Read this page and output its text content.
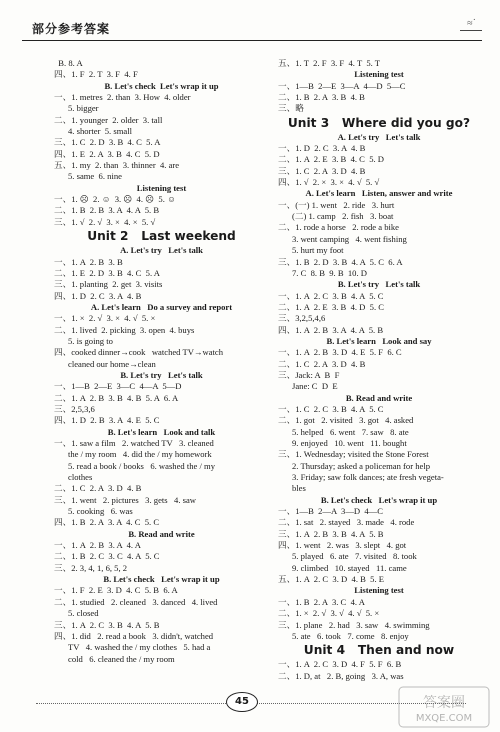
部分参考答案	≈˙
B. 8. A
四、1. F  2. T  3. F  4. F
B. Let's check  Let's wrap it up
一、1. metres  2. than  3. How  4. older
5. bigger
二、1. younger  2. older  3. tall
4. shorter  5. small
三、1. C  2. D  3. B  4. C  5. A
四、1. E  2. A  3. B  4. C  5. D
五、1. my  2. than  3. thinner  4. are
5. same  6. nine
Listening test
一、1. ☹  2. ☺  3. ☹  4. ☹  5. ☺
二、1. B  2. B  3. A  4. A  5. B
三、1. √  2. √  3. ×  4. ×  5. √
Unit 2   Last weekend
A. Let's try   Let's talk
一、1. A  2. B  3. B
二、1. E  2. D  3. B  4. C  5. A
三、1. planting  2. get  3. visits
四、1. D  2. C  3. A  4. B
A. Let's learn   Do a survey and report
一、1. ×  2. √  3. ×  4. √  5. ×
二、1. lived  2. picking  3. open  4. buys
5. is going to
四、cooked dinner→cook   watched TV→watch
cleaned our home→clean
B. Let's try   Let's talk
一、1—B  2—E  3—C  4—A  5—D
二、1. A  2. B  3. B  4. B  5. A  6. A
三、2,5,3,6
四、1. D  2. B  3. A  4. E  5. C
B. Let's learn   Look and talk
一、1. saw a film   2. watched TV   3. cleaned
the / my room   4. did the / my homework
5. read a book / books   6. washed the / my
clothes
二、1. C  2. A  3. D  4. B
三、1. went   2. pictures   3. gets   4. saw
5. cooking   6. was
四、1. B  2. A  3. A  4. C  5. C
B. Read and write
一、1. A  2. B  3. A  4. A
二、1. B  2. C  3. C  4. A  5. C
三、2. 3, 4, 1, 6, 5, 2
B. Let's check   Let's wrap it up
一、1. F  2. E  3. D  4. C  5. B  6. A
二、1. studied   2. cleaned   3. danced   4. lived
5. closed
三、1. A  2. C  3. B  4. A  5. B
四、1. did   2. read a book   3. didn't, watched
TV   4. washed the / my clothes   5. had a
cold   6. cleaned the / my room
五、1. T  2. F  3. F  4. T  5. T
Listening test
一、1—B  2—E  3—A  4—D  5—C
二、1. B  2. A  3. B  4. B
三、略
Unit 3   Where did you go?
A. Let's try   Let's talk
一、1. D  2. C  3. A  4. B
二、1. A  2. E  3. B  4. C  5. D
三、1. C  2. A  3. D  4. B
四、1. √  2. ×  3. ×  4. √  5. √
A. Let's learn   Listen, answer and write
一、(一) 1. went   2. ride   3. hurt
(二) 1. camp   2. fish   3. boat
二、1. rode a horse   2. rode a bike
3. went camping   4. went fishing
5. hurt my foot
三、1. B  2. D  3. B  4. A  5. C  6. A
7. C  8. B  9. B  10. D
B. Let's try   Let's talk
一、1. A  2. C  3. B  4. A  5. C
二、1. A  2. E  3. B  4. D  5. C
三、3,2,5,4,6
四、1. A  2. B  3. A  4. A  5. B
B. Let's learn   Look and say
一、1. A  2. B  3. D  4. E  5. F  6. C
二、1. C  2. A  3. D  4. B
三、Jack: A  B  F
Jane: C  D  E
B. Read and write
一、1. C  2. C  3. B  4. A  5. C
二、1. got   2. visited   3. got   4. asked
5. helped   6. went   7. saw   8. ate
9. enjoyed   10. went   11. bought
三、1. Wednesday; visited the Stone Forest
2. Thursday; asked a policeman for help
3. Friday; saw folk dances; ate fresh vegeta-
bles
B. Let's check   Let's wrap it up
一、1—B  2—A  3—D  4—C
二、1. sat   2. stayed   3. made   4. rode
三、1. A  2. B  3. B  4. A  5. B
四、1. went   2. was   3. slept   4. got
5. played   6. ate   7. visited   8. took
9. climbed   10. stayed   11. came
五、1. A  2. C  3. D  4. B  5. E
Listening test
一、1. B  2. A  3. C  4. A
二、1. ×  2. √  3. √  4. √  5. ×
三、1. plane   2. had   3. saw   4. swimming
5. ate   6. took   7. come   8. enjoy
Unit 4   Then and now
一、1. A  2. C  3. D  4. F  5. F  6. B
二、1. D, at   2. B, going   3. A, was
45	答案圈
MXQE.COM
